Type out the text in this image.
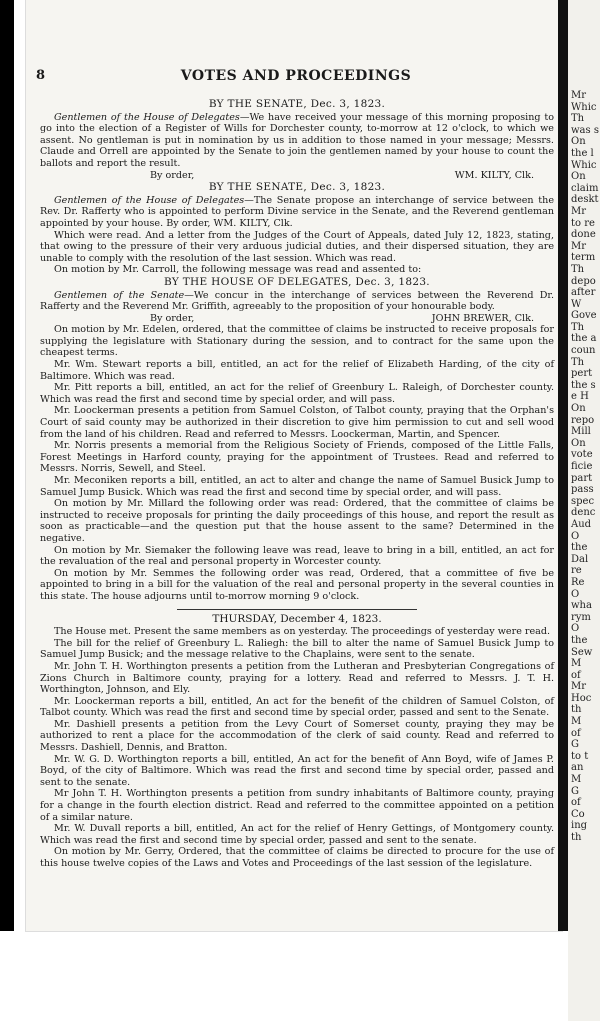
8	VOTES AND PROCEEDINGS

BY THE SENATE, Dec. 3, 1823.

Gentlemen of the House of Delegates—We have received your message of this morning proposing to go into the election of a Register of Wills for Dorchester county, to-morrow at 12 o'clock, to which we assent. No gentleman is put in nomination by us in addition to those named in your message; Messrs. Claude and Orrell are appointed by the Senate to join the gentlemen named by your house to count the ballots and report the result.

By order,	WM. KILTY, Clk.

BY THE SENATE, Dec. 3, 1823.

Gentlemen of the House of Delegates—The Senate propose an interchange of service between the Rev. Dr. Rafferty who is appointed to perform Divine service in the Senate, and the Reverend gentleman appointed by your house. By order, WM. KILTY, Clk.

Which were read. And a letter from the Judges of the Court of Appeals, dated July 12, 1823, stating, that owing to the pressure of their very arduous judicial duties, and their dispersed situation, they are unable to comply with the resolution of the last session. Which was read.

On motion by Mr. Carroll, the following message was read and assented to:

BY THE HOUSE OF DELEGATES, Dec. 3, 1823.

Gentlemen of the Senate—We concur in the interchange of services between the Reverend Dr. Rafferty and the Reverend Mr. Griffith, agreeably to the proposition of your honourable body.

By order,	JOHN BREWER, Clk.

On motion by Mr. Edelen, ordered, that the committee of claims be instructed to receive proposals for supplying the legislature with Stationary during the session, and to contract for the same upon the cheapest terms.

Mr. Wm. Stewart reports a bill, entitled, an act for the relief of Elizabeth Harding, of the city of Baltimore. Which was read.

Mr. Pitt reports a bill, entitled, an act for the relief of Greenbury L. Raleigh, of Dorchester county. Which was read the first and second time by special order, and will pass.

Mr. Loockerman presents a petition from Samuel Colston, of Talbot county, praying that the Orphan's Court of said county may be authorized in their discretion to give him permission to cut and sell wood from the land of his children. Read and referred to Messrs. Loockerman, Martin, and Spencer.

Mr. Norris presents a memorial from the Religious Society of Friends, composed of the Little Falls, Forest Meetings in Harford county, praying for the appointment of Trustees. Read and referred to Messrs. Norris, Sewell, and Steel.

Mr. Meconiken reports a bill, entitled, an act to alter and change the name of Samuel Busick Jump to Samuel Jump Busick. Which was read the first and second time by special order, and will pass.

On motion by Mr. Millard the following order was read: Ordered, that the committee of claims be instructed to receive proposals for printing the daily proceedings of this house, and report the result as soon as practicable—and the question put that the house assent to the same? Determined in the negative.

On motion by Mr. Siemaker the following leave was read, leave to bring in a bill, entitled, an act for the revaluation of the real and personal property in Worcester county.

On motion by Mr. Semmes the following order was read, Ordered, that a committee of five be appointed to bring in a bill for the valuation of the real and personal property in the several counties in this state. The house adjourns until to-morrow morning 9 o'clock.

THURSDAY, December 4, 1823.

The House met. Present the same members as on yesterday. The proceedings of yesterday were read.

The bill for the relief of Greenbury L. Raliegh: the bill to alter the name of Samuel Busick Jump to Samuel Jump Busick; and the message relative to the Chaplains, were sent to the senate.

Mr. John T. H. Worthington presents a petition from the Lutheran and Presbyterian Congregations of Zions Church in Baltimore county, praying for a lottery. Read and referred to Messrs. J. T. H. Worthington, Johnson, and Ely.

Mr. Loockerman reports a bill, entitled, An act for the benefit of the children of Samuel Colston, of Talbot county. Which was read the first and second time by special order, passed and sent to the Senate.

Mr. Dashiell presents a petition from the Levy Court of Somerset county, praying they may be authorized to rent a place for the accommodation of the clerk of said county. Read and referred to Messrs. Dashiell, Dennis, and Bratton.

Mr. W. G. D. Worthington reports a bill, entitled, An act for the benefit of Ann Boyd, wife of James P. Boyd, of the city of Baltimore. Which was read the first and second time by special order, passed and sent to the senate.

Mr John T. H. Worthington presents a petition from sundry inhabitants of Baltimore county, praying for a change in the fourth election district. Read and referred to the committee appointed on a petition of a similar nature.

Mr. W. Duvall reports a bill, entitled, An act for the relief of Henry Gettings, of Montgomery county. Which was read the first and second time by special order, passed and sent to the senate.

On motion by Mr. Gerry, Ordered, that the committee of claims be directed to procure for the use of this house twelve copies of the Laws and Votes and Proceedings of the last session of the legislature.

Mr
Whic
Th
was s
On
the l
Whic
On
claim
deskt
Mr
to re
done
Mr
term
Th
depo
after
W
Gove
Th
the a
coun
Th
pert
the s
e H
On
repo
Mill
On
vote
ficie
part
pass
spec
denc
Aud
O
the
Dal
re
Re
O
wha
rym
O
the
Sew
M
of
Mr
Hoc
th
M
of
G
to t
an
M
G
of
Co
ing
th
